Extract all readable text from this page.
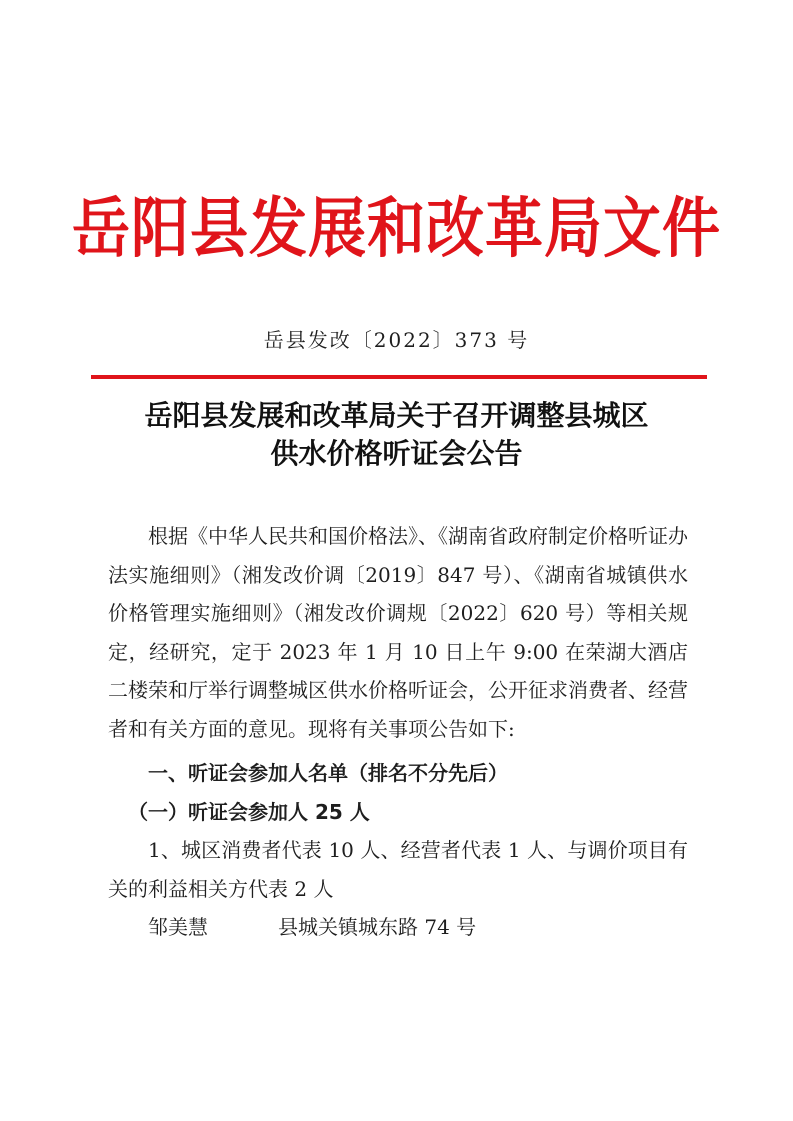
岳阳县发展和改革局文件
岳县发改〔2022〕373 号
岳阳县发展和改革局关于召开调整县城区
供水价格听证会公告

根据《中华人民共和国价格法》、《湖南省政府制定价格听证办法实施细则》（湘发改价调〔2019〕847 号）、《湖南省城镇供水价格管理实施细则》（湘发改价调规〔2022〕620 号）等相关规定，经研究，定于 2023 年 1 月 10 日上午 9:00 在荣湖大酒店二楼荣和厅举行调整城区供水价格听证会，公开征求消费者、经营者和有关方面的意见。现将有关事项公告如下:

一、听证会参加人名单（排名不分先后）

（一）听证会参加人 25 人

1、城区消费者代表 10 人、经营者代表 1 人、与调价项目有关的利益相关方代表 2 人

邹美慧	县城关镇城东路 74 号
